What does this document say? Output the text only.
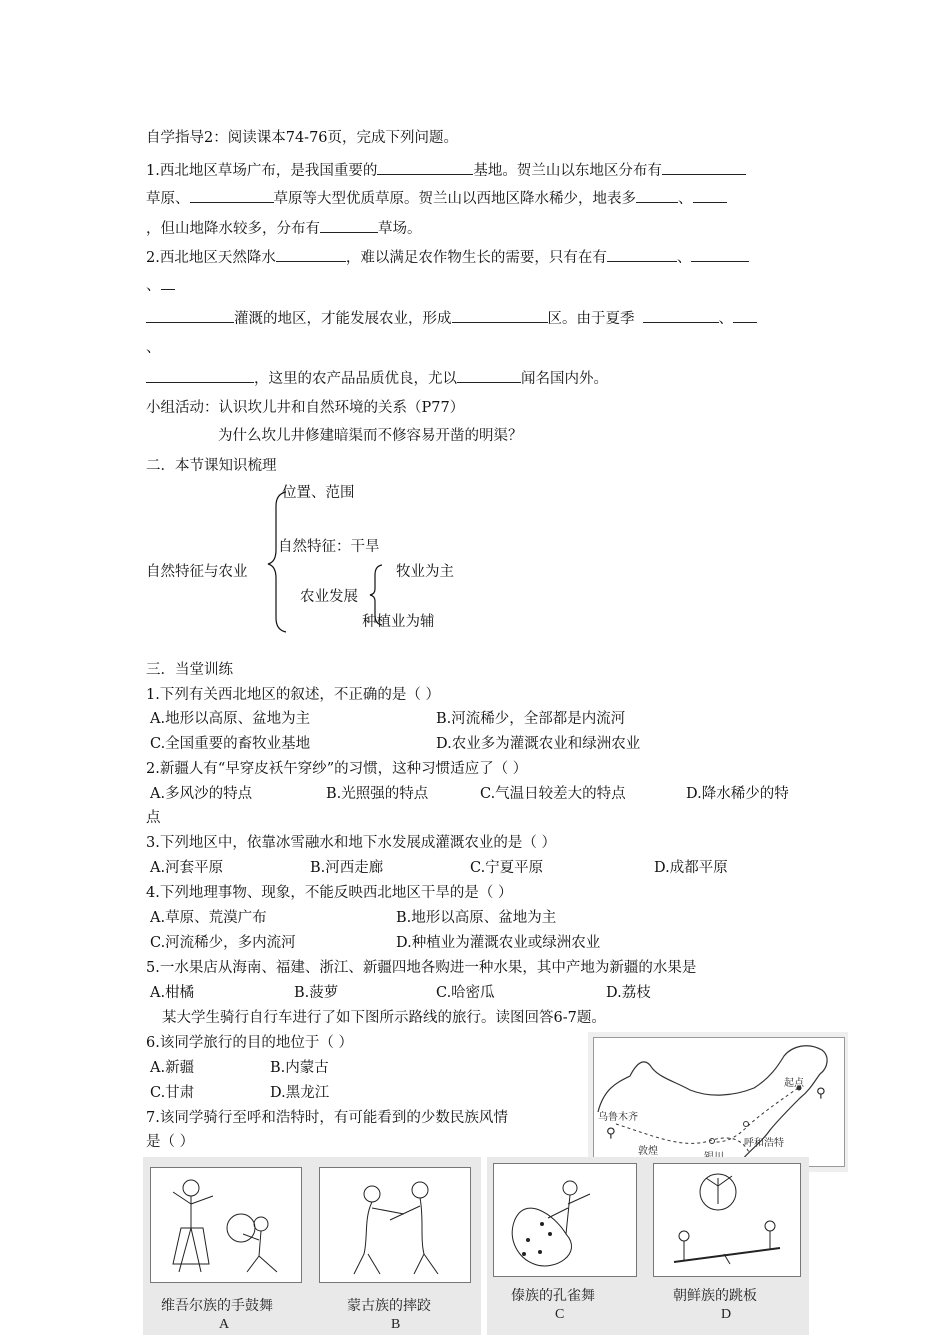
自学指导2：阅读课本74-76页，完成下列问题。
1.西北地区草场广布，是我国重要的	基地。贺兰山以东地区分布有
草原、	草原等大型优质草原。贺兰山以西地区降水稀少，地表多	、
，但山地降水较多，分布有	草场。
2.西北地区天然降水	，难以满足农作物生长的需要，只有在有	、
、
灌溉的地区，才能发展农业，形成	区。由于夏季	、
、
，这里的农产品品质优良，尤以	闻名国内外。
小组活动：认识坎儿井和自然环境的关系（P77）
为什么坎儿井修建暗渠而不修容易开凿的明渠？
二．本节课知识梳理
自然特征与农业
位置、范围
自然特征：干旱
农业发展
牧业为主
种植业为辅
三．当堂训练
1.下列有关西北地区的叙述，不正确的是（ ）
A.地形以高原、盆地为主	B.河流稀少，全部都是内流河
C.全国重要的畜牧业基地	D.农业多为灌溉农业和绿洲农业
2.新疆人有“早穿皮袄午穿纱”的习惯，这种习惯适应了（ ）
A.多风沙的特点	B.光照强的特点	C.气温日较差大的特点	D.降水稀少的特
点
3.下列地区中，依靠冰雪融水和地下水发展成灌溉农业的是（ ）
A.河套平原	B.河西走廊	C.宁夏平原	D.成都平原
4.下列地理事物、现象，不能反映西北地区干旱的是（ ）
A.草原、荒漠广布	B.地形以高原、盆地为主
C.河流稀少，多内流河	D.种植业为灌溉农业或绿洲农业
5.一水果店从海南、福建、浙江、新疆四地各购进一种水果，其中产地为新疆的水果是
A.柑橘	B.菠萝	C.哈密瓜	D.荔枝
某大学生骑行自行车进行了如下图所示路线的旅行。读图回答6-7题。
6.该同学旅行的目的地位于（ ）
A.新疆	B.内蒙古
C.甘肃	D.黑龙江
7.该同学骑行至呼和浩特时，有可能看到的少数民族风情
是（ ）
起点
乌鲁木齐
敦煌
呼和浩特
⚲
⚲
维吾尔族的手鼓舞
A
蒙古族的摔跤
B
傣族的孔雀舞
C
朝鲜族的跳板
D
